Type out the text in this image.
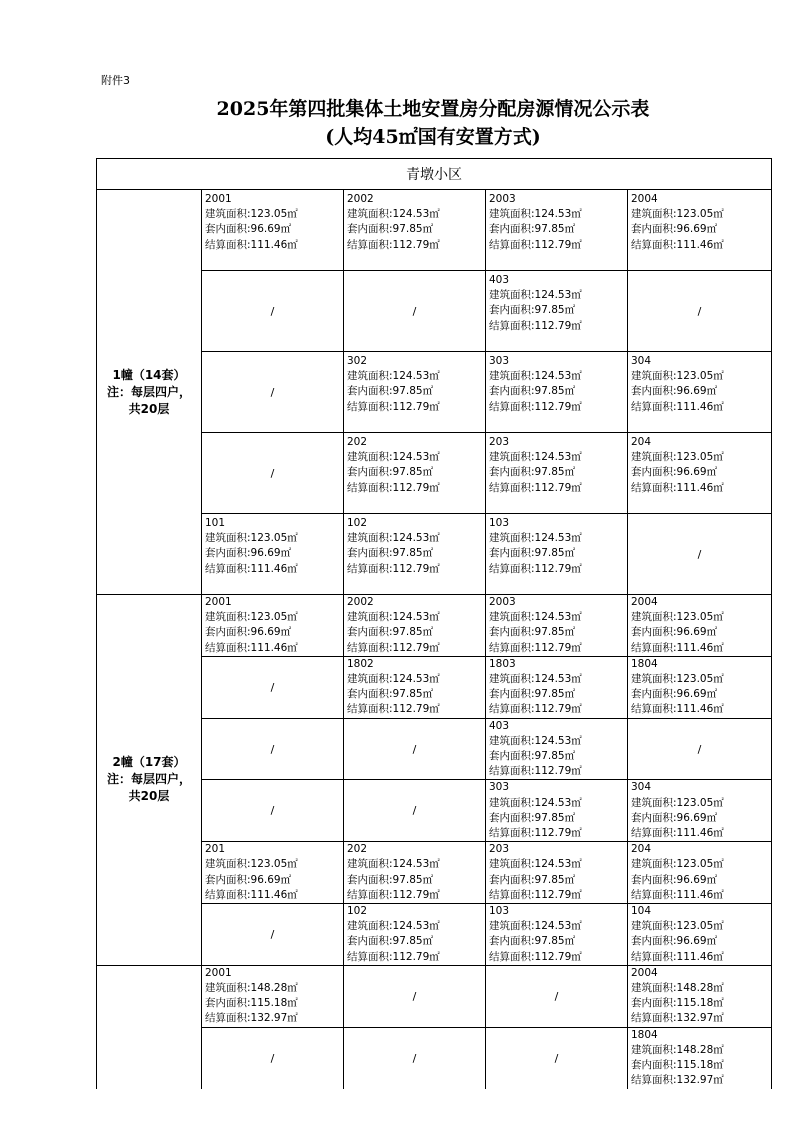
附件3
2025年第四批集体土地安置房分配房源情况公示表
(人均45㎡国有安置方式)
青墩小区				

1幢（14套）
注：每层四户，
共20层	2001
建筑面积:123.05㎡
套内面积:96.69㎡
结算面积:111.46㎡	2002
建筑面积:124.53㎡
套内面积:97.85㎡
结算面积:112.79㎡	2003
建筑面积:124.53㎡
套内面积:97.85㎡
结算面积:112.79㎡	2004
建筑面积:123.05㎡
套内面积:96.69㎡
结算面积:111.46㎡

	/	/	403
建筑面积:124.53㎡
套内面积:97.85㎡
结算面积:112.79㎡	/
	/	302
建筑面积:124.53㎡
套内面积:97.85㎡
结算面积:112.79㎡	303
建筑面积:124.53㎡
套内面积:97.85㎡
结算面积:112.79㎡	304
建筑面积:123.05㎡
套内面积:96.69㎡
结算面积:111.46㎡

	/	202
建筑面积:124.53㎡
套内面积:97.85㎡
结算面积:112.79㎡	203
建筑面积:124.53㎡
套内面积:97.85㎡
结算面积:112.79㎡	204
建筑面积:123.05㎡
套内面积:96.69㎡
结算面积:111.46㎡

	101
建筑面积:123.05㎡
套内面积:96.69㎡
结算面积:111.46㎡	102
建筑面积:124.53㎡
套内面积:97.85㎡
结算面积:112.79㎡	103
建筑面积:124.53㎡
套内面积:97.85㎡
结算面积:112.79㎡	/

2幢（17套）
注：每层四户，
共20层	2001
建筑面积:123.05㎡
套内面积:96.69㎡
结算面积:111.46㎡	2002
建筑面积:124.53㎡
套内面积:97.85㎡
结算面积:112.79㎡	2003
建筑面积:124.53㎡
套内面积:97.85㎡
结算面积:112.79㎡	2004
建筑面积:123.05㎡
套内面积:96.69㎡
结算面积:111.46㎡

	/	1802
建筑面积:124.53㎡
套内面积:97.85㎡
结算面积:112.79㎡	1803
建筑面积:124.53㎡
套内面积:97.85㎡
结算面积:112.79㎡	1804
建筑面积:123.05㎡
套内面积:96.69㎡
结算面积:111.46㎡

	/	/	403
建筑面积:124.53㎡
套内面积:97.85㎡
结算面积:112.79㎡	/
	/	/	303
建筑面积:124.53㎡
套内面积:97.85㎡
结算面积:112.79㎡	304
建筑面积:123.05㎡
套内面积:96.69㎡
结算面积:111.46㎡

	201
建筑面积:123.05㎡
套内面积:96.69㎡
结算面积:111.46㎡	202
建筑面积:124.53㎡
套内面积:97.85㎡
结算面积:112.79㎡	203
建筑面积:124.53㎡
套内面积:97.85㎡
结算面积:112.79㎡	204
建筑面积:123.05㎡
套内面积:96.69㎡
结算面积:111.46㎡

	/	102
建筑面积:124.53㎡
套内面积:97.85㎡
结算面积:112.79㎡	103
建筑面积:124.53㎡
套内面积:97.85㎡
结算面积:112.79㎡	104
建筑面积:123.05㎡
套内面积:96.69㎡
结算面积:111.46㎡

	2001
建筑面积:148.28㎡
套内面积:115.18㎡
结算面积:132.97㎡	/	/	2004
建筑面积:148.28㎡
套内面积:115.18㎡
结算面积:132.97㎡

	/	/	/	1804
建筑面积:148.28㎡
套内面积:115.18㎡
结算面积:132.97㎡
